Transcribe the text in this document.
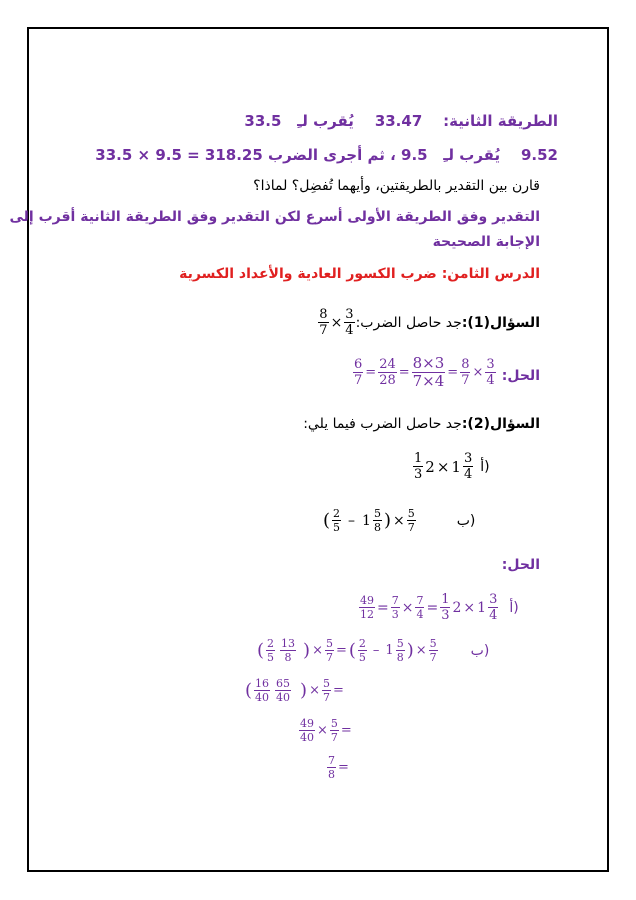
الطريقة الثانية:    33.47    يُقرب لـِ   33.5
9.52    يُقرب لـِ   9.5 ، ثم أجرى الضرب 33.5 × 9.5 = 318.25
قارن بين التقدير بالطريقتين، وأيهما تُفضِل؟ لماذا؟
التقدير وفق الطريقة الأولى أسرع لكن التقدير وفق الطريقة الثانية أقرب إلى
الإجابة الصحيحة
الدرس الثامن: ضرب الكسور العادية والأعداد الكسرية
السؤال(1):
جد حاصل الضرب:
$\frac{8}{7} \times \frac{3}{4}$
الحل:
$\frac{6}{7} = \frac{24}{28} = \frac{8\times 3}{7\times 4} = \frac{8}{7} \times \frac{3}{4}$
السؤال(2):جد حاصل الضرب فيما يلي:
$\frac{1}{3} 2 \times 1 \frac{3}{4}$ أ)
( $\frac{2}{5} - 1 \frac{5}{8}$ ) × $\frac{5}{7}$	ب)
الحل:
$\frac{49}{12} = \frac{7}{3} \times \frac{7}{4} = \frac{1}{3} 2 \times 1 \frac{3}{4}$ أ)
( $\frac{2}{5} \frac{13}{8}$ ) × $\frac{5}{7}$ = ( $\frac{2}{5} - 1 \frac{5}{8}$ ) × $\frac{5}{7}$ ب)
( $\frac{16}{40} \frac{65}{40}$ ) × $\frac{5}{7}$ =
$\frac{49}{40} \times \frac{5}{7}$ =
$\frac{7}{8}$ =
